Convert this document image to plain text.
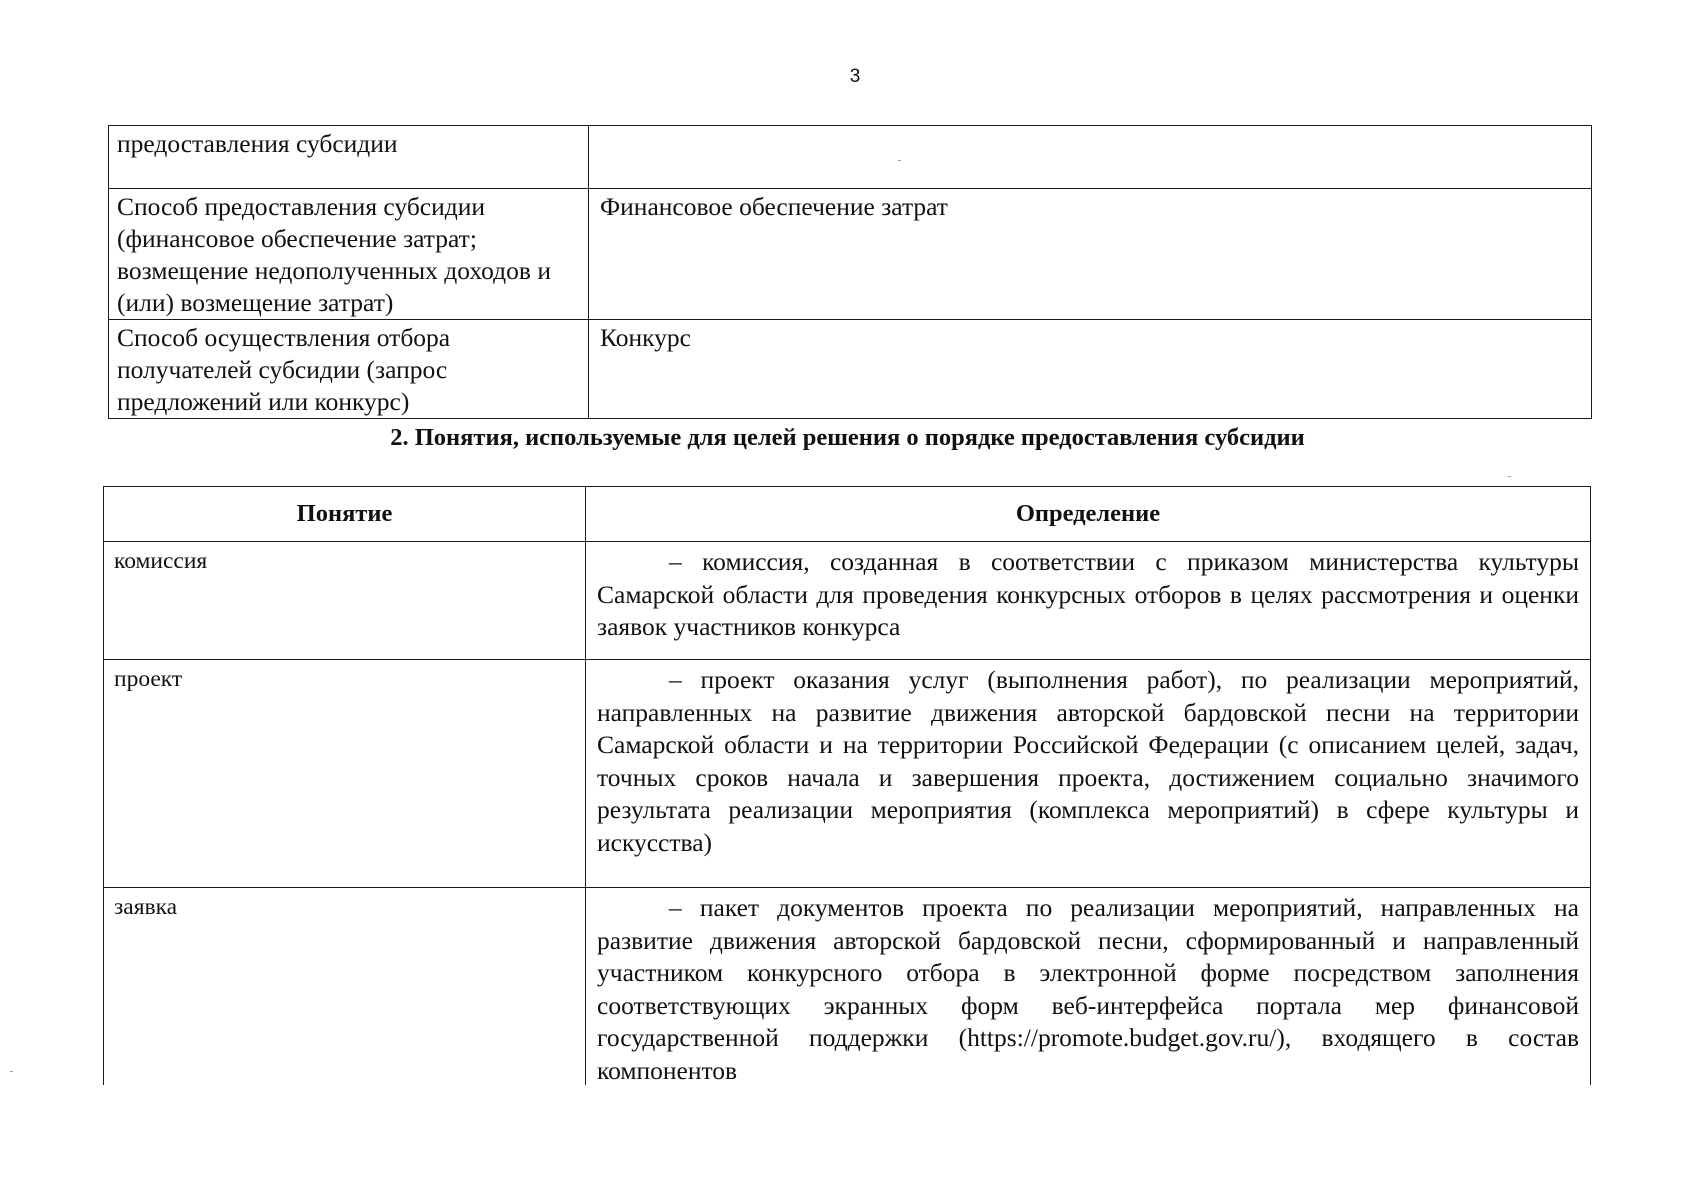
3
предоставления субсидии	
Способ предоставления субсидии (финансовое обеспечение затрат; возмещение недополученных доходов и (или) возмещение затрат)	Финансовое обеспечение затрат
Способ осуществления отбора получателей субсидии (запрос предложений или конкурс)	Конкурс
2. Понятия, используемые для целей решения о порядке предоставления субсидии
Понятие	Определение
комиссия	– комиссия, созданная в соответствии с приказом министерства культуры Самарской области для проведения конкурсных отборов в целях рассмотрения и оценки заявок участников конкурса
проект	– проект оказания услуг (выполнения работ), по реализации мероприятий, направленных на развитие движения авторской бардовской песни на территории Самарской области и на территории Российской Федерации (с описанием целей, задач, точных сроков начала и завершения проекта, достижением социально значимого результата реализации мероприятия (комплекса мероприятий) в сфере культуры и искусства)
заявка	– пакет документов проекта по реализации мероприятий, направленных на развитие движения авторской бардовской песни, сформированный и направленный участником конкурсного отбора в электронной форме посредством заполнения соответствующих экранных форм веб-интерфейса портала мер финансовой государственной поддержки (https://promote.budget.gov.ru/), входящего в состав компонентов
